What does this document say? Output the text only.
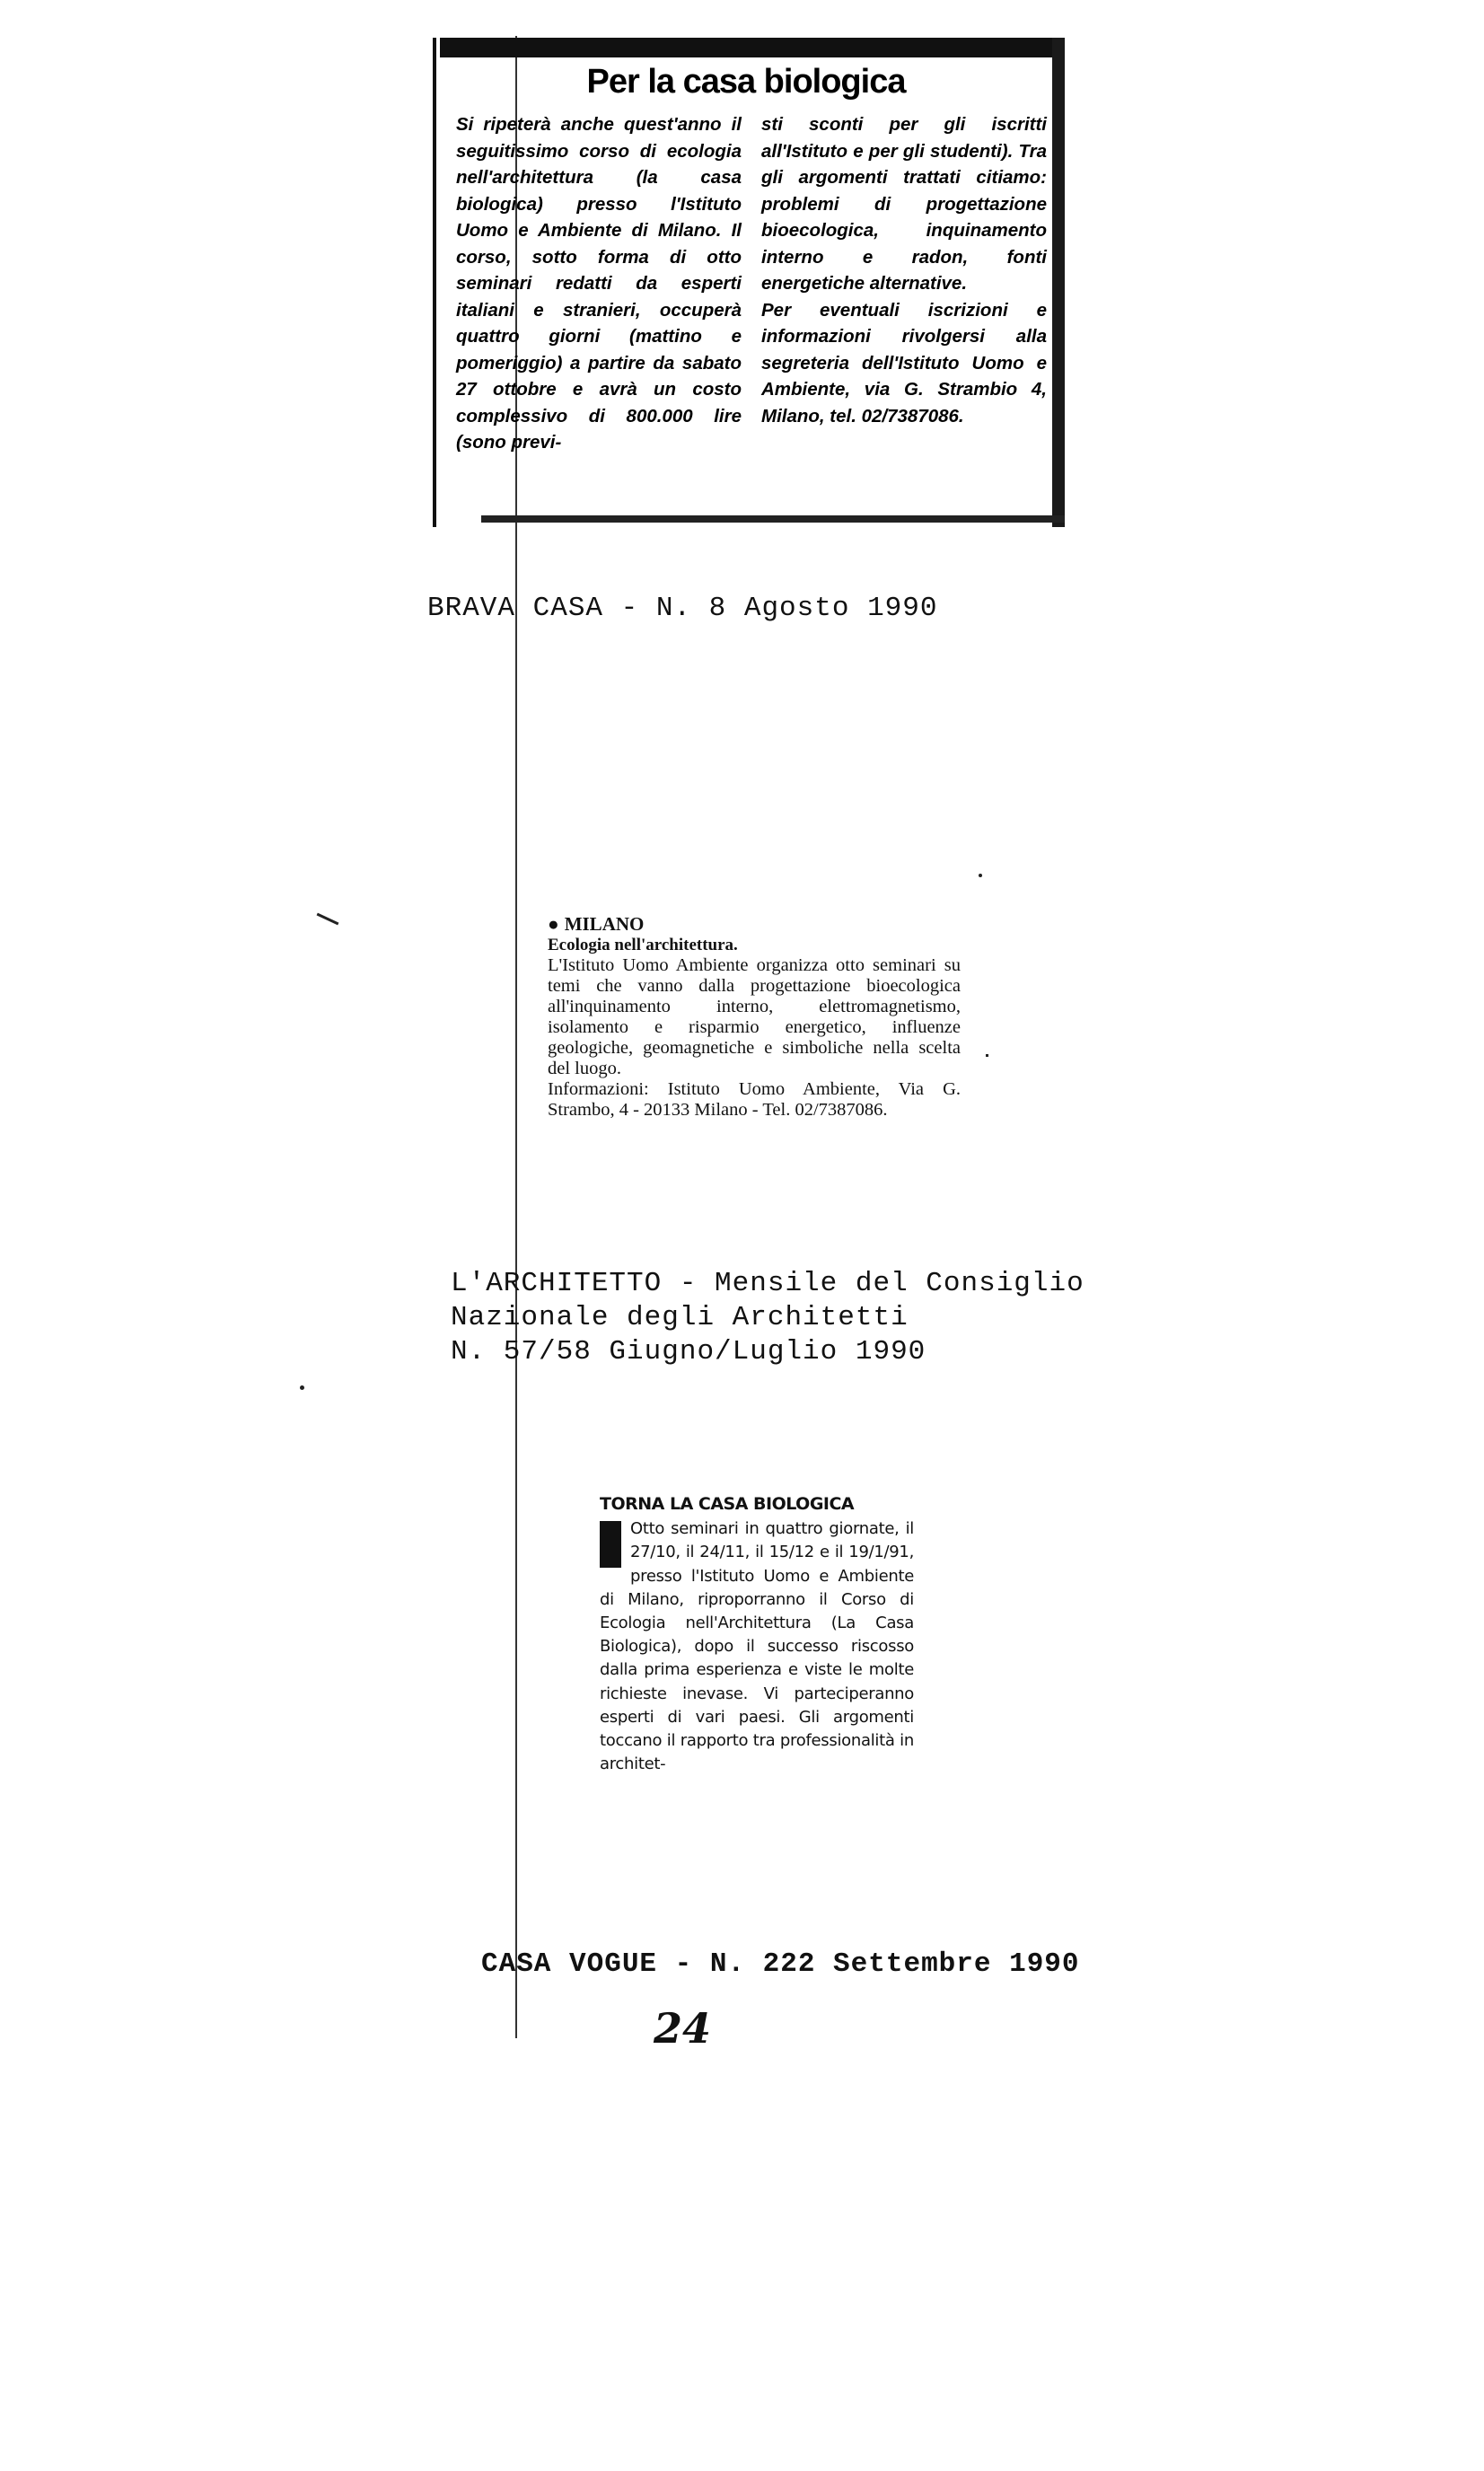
Per la casa biologica

Si ripeterà anche quest'anno il seguitissimo corso di ecologia nell'architettura (la casa biologica) presso l'Istituto Uomo e Ambiente di Milano. Il corso, sotto forma di otto seminari redatti da esperti italiani e stranieri, occuperà quattro giorni (mattino e pomeriggio) a partire da sabato 27 ottobre e avrà un costo complessivo di 800.000 lire (sono previ-

sti sconti per gli iscritti all'Istituto e per gli studenti). Tra gli argomenti trattati citiamo: problemi di progettazione bioecologica, inquinamento interno e radon, fonti energetiche alternative.

Per eventuali iscrizioni e informazioni rivolgersi alla segreteria dell'Istituto Uomo e Ambiente, via G. Strambio 4, Milano, tel. 02/7387086.

BRAVA CASA - N. 8 Agosto 1990

● MILANO

Ecologia nell'architettura.

L'Istituto Uomo Ambiente organizza otto seminari su temi che vanno dalla progettazione bioecologica all'inquinamento interno, elettromagnetismo, isolamento e risparmio energetico, influenze geologiche, geomagnetiche e simboliche nella scelta del luogo.

Informazioni: Istituto Uomo Ambiente, Via G. Strambo, 4 - 20133 Milano - Tel. 02/7387086.

L'ARCHITETTO - Mensile del Consiglio
Nazionale degli Architetti
N. 57/58 Giugno/Luglio 1990
TORNA LA CASA BIOLOGICA
Otto seminari in quattro giornate, il 27/10, il 24/11, il 15/12 e il 19/1/91, presso l'Istituto Uomo e Ambiente di Milano, riproporranno il Corso di Ecologia nell'Architettura (La Casa Biologica), dopo il successo riscosso dalla prima esperienza e viste le molte richieste inevase. Vi parteciperanno esperti di vari paesi. Gli argomenti toccano il rapporto tra professionalità in architet-
CASA VOGUE - N. 222 Settembre 1990
24
